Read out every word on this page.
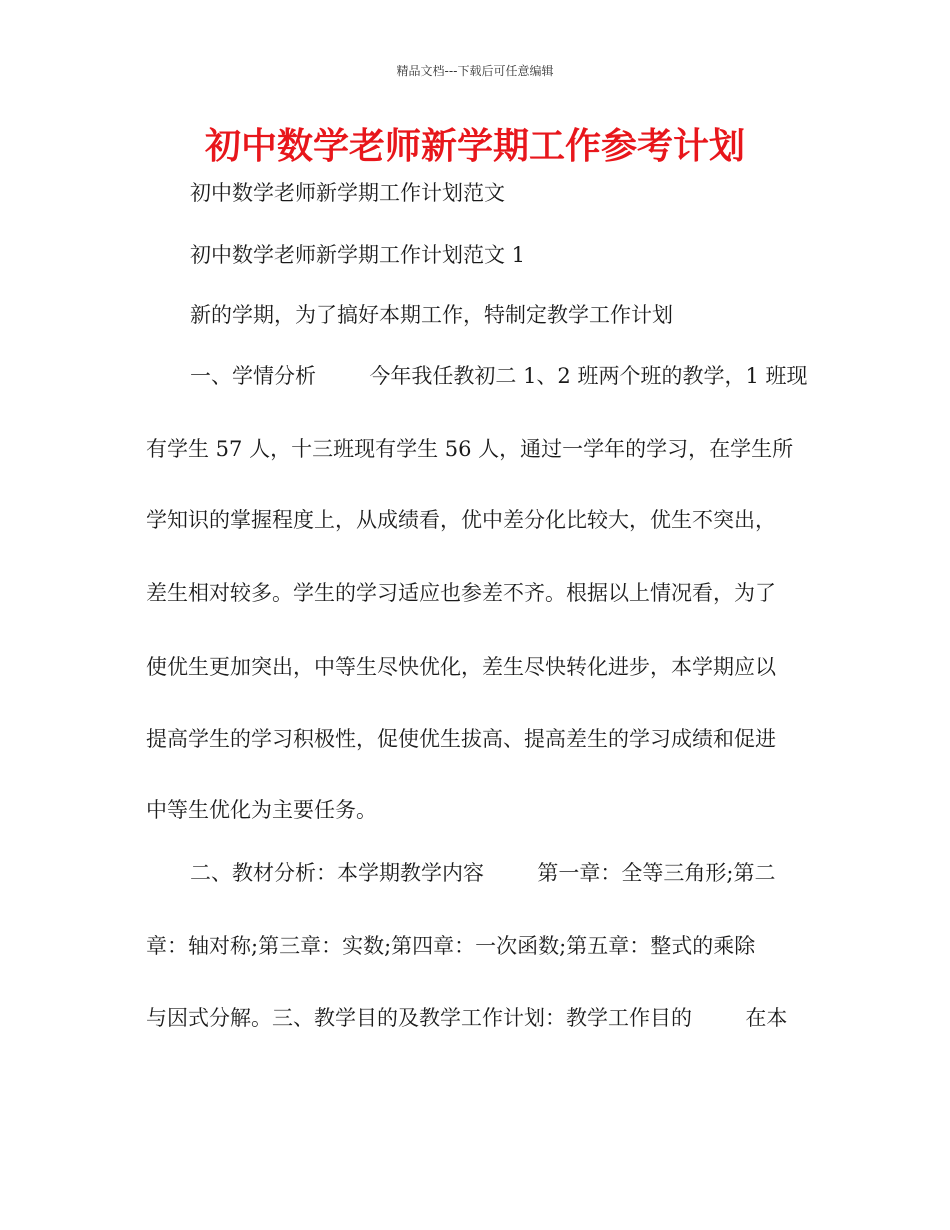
精品文档---下载后可任意编辑
初中数学老师新学期工作参考计划
初中数学老师新学期工作计划范文
初中数学老师新学期工作计划范文 1
新的学期，为了搞好本期工作，特制定教学工作计划
一、学情分析        今年我任教初二 1、2 班两个班的教学，1 班现
有学生 57 人，十三班现有学生 56 人，通过一学年的学习，在学生所
学知识的掌握程度上，从成绩看，优中差分化比较大，优生不突出，
差生相对较多。学生的学习适应也参差不齐。根据以上情况看，为了
使优生更加突出，中等生尽快优化，差生尽快转化进步，本学期应以
提高学生的学习积极性，促使优生拔高、提高差生的学习成绩和促进
中等生优化为主要任务。
二、教材分析：本学期教学内容        第一章：全等三角形;第二
章：轴对称;第三章：实数;第四章：一次函数;第五章：整式的乘除
与因式分解。三、教学目的及教学工作计划：教学工作目的        在本
